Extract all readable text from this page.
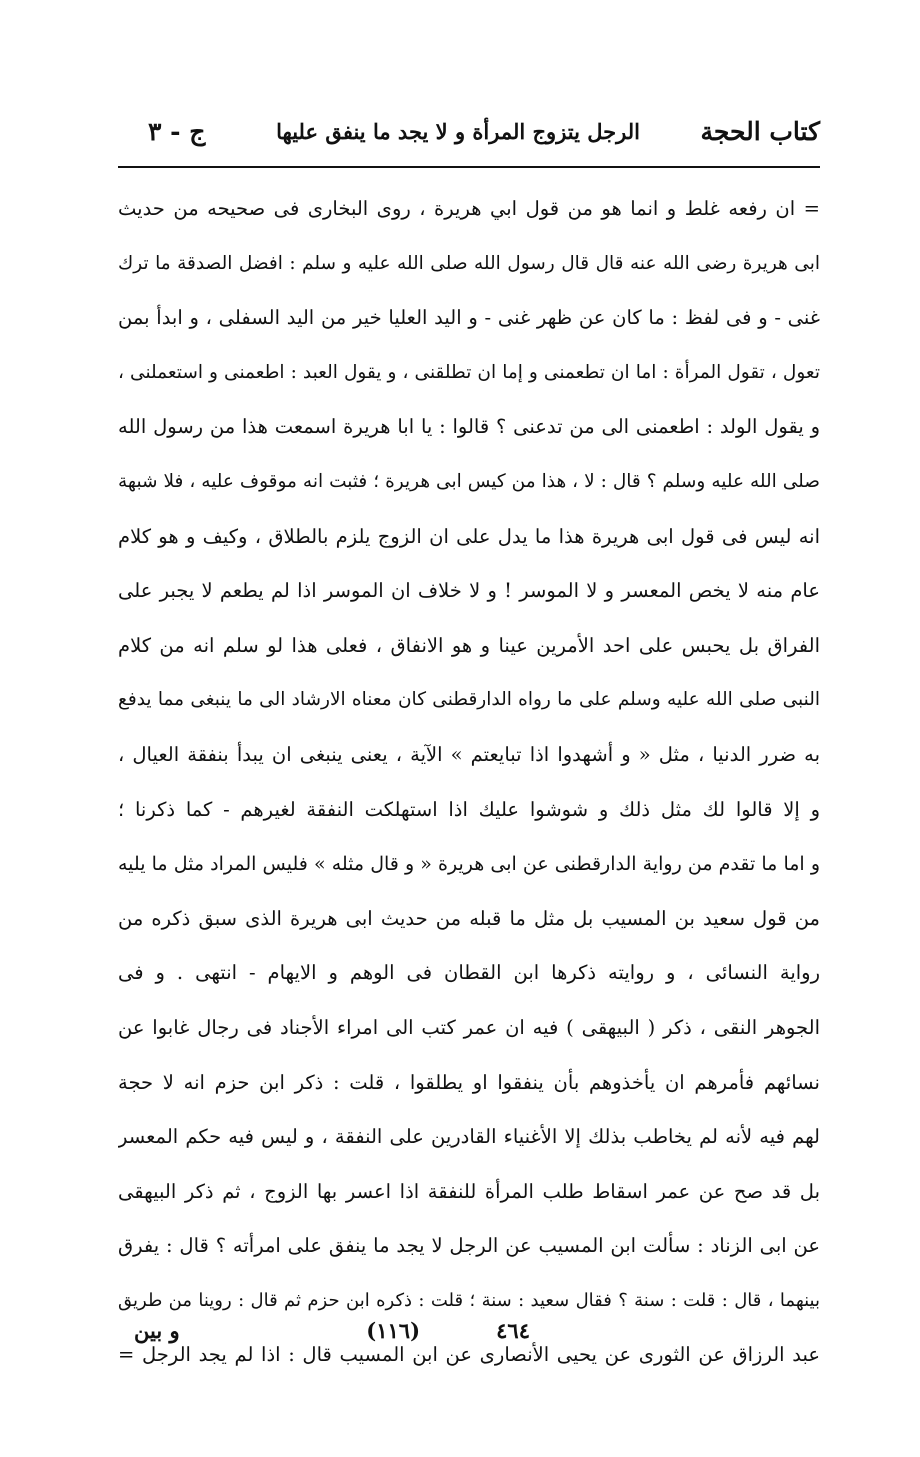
كتاب الحجة
الرجل يتزوج المرأة و لا يجد ما ينفق عليها
ج - ٣
= ان رفعه غلط و انما هو من قول ابي هريرة ، روى البخارى فى صحيحه من حديث
ابى هريرة رضى الله عنه قال قال رسول الله صلى الله عليه و سلم : افضل الصدقة ما ترك
غنى - و فى لفظ : ما كان عن ظهر غنى - و اليد العليا خير من اليد السفلى ، و ابدأ بمن
تعول ، تقول المرأة : اما ان تطعمنى و إما ان تطلقنى ، و يقول العبد : اطعمنى و استعملنى ،
و يقول الولد : اطعمنى الى من تدعنى ؟ قالوا : يا ابا هريرة اسمعت هذا من رسول الله
صلى الله عليه وسلم ؟ قال : لا ، هذا من كيس ابى هريرة ؛ فثبت انه موقوف عليه ، فلا شبهة
انه ليس فى قول ابى هريرة هذا ما يدل على ان الزوج يلزم بالطلاق ، وكيف و هو كلام
عام منه لا يخص المعسر و لا الموسر ! و لا خلاف ان الموسر اذا لم يطعم لا يجبر على
الفراق بل يحبس على احد الأمرين عينا و هو الانفاق ، فعلى هذا لو سلم انه من كلام
النبى صلى الله عليه وسلم على ما رواه الدارقطنى كان معناه الارشاد الى ما ينبغى مما يدفع
به ضرر الدنيا ، مثل « و أشهدوا اذا تبايعتم » الآية ، يعنى ينبغى ان يبدأ بنفقة العيال ،
و إلا قالوا لك مثل ذلك و شوشوا عليك اذا استهلكت النفقة لغيرهم - كما ذكرنا ؛
و اما ما تقدم من رواية الدارقطنى عن ابى هريرة « و قال مثله » فليس المراد مثل ما يليه
من قول سعيد بن المسيب بل مثل ما قبله من حديث ابى هريرة الذى سبق ذكره من
رواية النسائى ، و روايته ذكرها ابن القطان فى الوهم و الايهام - انتهى . و فى
الجوهر النقى ، ذكر ( البيهقى ) فيه ان عمر كتب الى امراء الأجناد فى رجال غابوا عن
نسائهم فأمرهم ان يأخذوهم بأن ينفقوا او يطلقوا ، قلت : ذكر ابن حزم انه لا حجة
لهم فيه لأنه لم يخاطب بذلك إلا الأغنياء القادرين على النفقة ، و ليس فيه حكم المعسر
بل قد صح عن عمر اسقاط طلب المرأة للنفقة اذا اعسر بها الزوج ، ثم ذكر البيهقى
عن ابى الزناد : سألت ابن المسيب عن الرجل لا يجد ما ينفق على امرأته ؟ قال : يفرق
بينهما ، قال : قلت : سنة ؟ فقال سعيد : سنة ؛ قلت : ذكره ابن حزم ثم قال : روينا من طريق
عبد الرزاق عن الثورى عن يحيى الأنصارى عن ابن المسيب قال : اذا لم يجد الرجل =
٤٦٤
(١١٦)
و بين
